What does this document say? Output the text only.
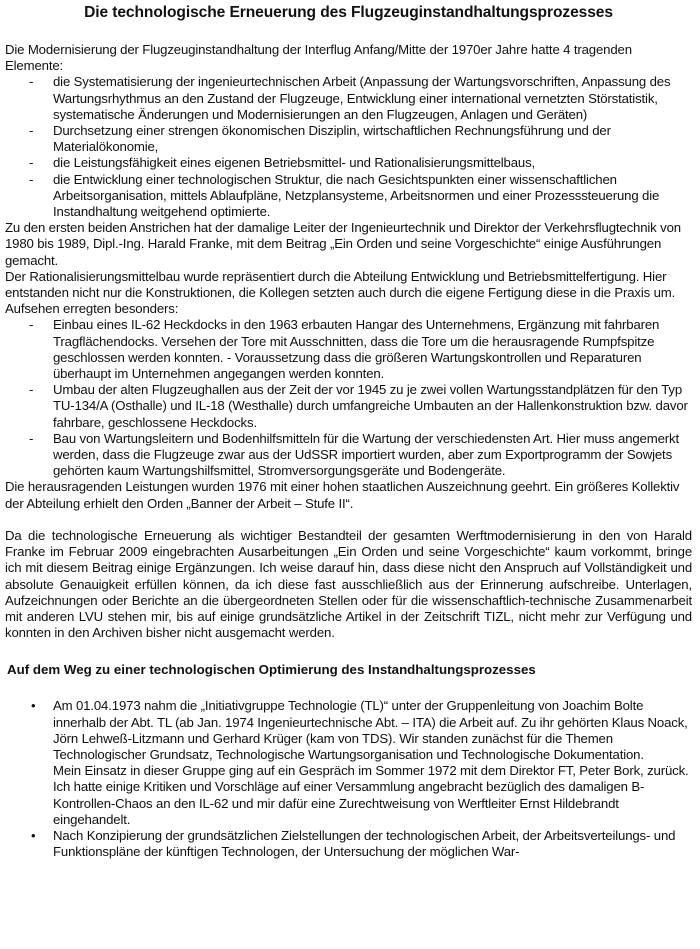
Die technologische Erneuerung des Flugzeuginstandhaltungsprozesses

Die Modernisierung der Flugzeuginstandhaltung der Interflug Anfang/Mitte der 1970er Jahre hatte 4 tragenden Elemente:

- die Systematisierung der ingenieurtechnischen Arbeit (Anpassung der Wartungsvorschriften, Anpassung des Wartungsrhythmus an den Zustand der Flugzeuge, Entwicklung einer international vernetzten Störstatistik, systematische Änderungen und Modernisierungen an den Flugzeugen, Anlagen und Geräten)
- Durchsetzung einer strengen ökonomischen Disziplin, wirtschaftlichen Rechnungsführung und der Materialökonomie,
- die Leistungsfähigkeit eines eigenen Betriebsmittel- und Rationalisierungsmittelbaus,
- die Entwicklung einer technologischen Struktur, die nach Gesichtspunkten einer wissenschaftlichen Arbeitsorganisation, mittels Ablaufpläne, Netzplansysteme, Arbeitsnormen und einer Prozesssteuerung die Instandhaltung weitgehend optimierte.

Zu den ersten beiden Anstrichen hat der damalige Leiter der Ingenieurtechnik und Direktor der Verkehrsflugtechnik von 1980 bis 1989, Dipl.-Ing. Harald Franke, mit dem Beitrag „Ein Orden und seine Vorgeschichte“ einige Ausführungen gemacht.

Der Rationalisierungsmittelbau wurde repräsentiert durch die Abteilung Entwicklung und Betriebsmittelfertigung. Hier entstanden nicht nur die Konstruktionen, die Kollegen setzten auch durch die eigene Fertigung diese in die Praxis um. Aufsehen erregten besonders:

- Einbau eines IL-62 Heckdocks in den 1963 erbauten Hangar des Unternehmens, Ergänzung mit fahrbaren Tragflächendocks. Versehen der Tore mit Ausschnitten, dass die Tore um die herausragende Rumpfspitze geschlossen werden konnten. - Voraussetzung dass die größeren Wartungskontrollen und Reparaturen überhaupt im Unternehmen angegangen werden konnten.
- Umbau der alten Flugzeughallen aus der Zeit der vor 1945 zu je zwei vollen Wartungsstandplätzen für den Typ TU-134/A (Osthalle) und IL-18 (Westhalle) durch umfangreiche Umbauten an der Hallenkonstruktion bzw. davor fahrbare, geschlossene Heckdocks.
- Bau von Wartungsleitern und Bodenhilfsmitteln für die Wartung der verschiedensten Art. Hier muss angemerkt werden, dass die Flugzeuge zwar aus der UdSSR importiert wurden, aber zum Exportprogramm der Sowjets gehörten kaum Wartungshilfsmittel, Stromversorgungsgeräte und Bodengeräte.

Die herausragenden Leistungen wurden 1976 mit einer hohen staatlichen Auszeichnung geehrt. Ein größeres Kollektiv der Abteilung erhielt den Orden „Banner der Arbeit – Stufe II“.

Da die technologische Erneuerung als wichtiger Bestandteil der gesamten Werftmodernisierung in den von Harald Franke im Februar 2009 eingebrachten Ausarbeitungen „Ein Orden und seine Vorgeschichte“ kaum vorkommt, bringe ich mit diesem Beitrag einige Ergänzungen. Ich weise darauf hin, dass diese nicht den Anspruch auf Vollständigkeit und absolute Genauigkeit erfüllen können, da ich diese fast ausschließlich aus der Erinnerung aufschreibe. Unterlagen, Aufzeichnungen oder Berichte an die übergeordneten Stellen oder für die wissenschaftlich-technische Zusammenarbeit mit anderen LVU stehen mir, bis auf einige grundsätzliche Artikel in der Zeitschrift TIZL, nicht mehr zur Verfügung und konnten in den Archiven bisher nicht ausgemacht werden.

Auf dem Weg zu einer technologischen Optimierung des Instandhaltungsprozesses
• Am 01.04.1973 nahm die „Initiativgruppe Technologie (TL)“ unter der Gruppenleitung von Joachim Bolte innerhalb der Abt. TL (ab Jan. 1974 Ingenieurtechnische Abt. – ITA) die Arbeit auf. Zu ihr gehörten Klaus Noack, Jörn Lehweß-Litzmann und Gerhard Krüger (kam von TDS). Wir standen zunächst für die Themen Technologischer Grundsatz, Technologische Wartungsorganisation und Technologische Dokumentation.
Mein Einsatz in dieser Gruppe ging auf ein Gespräch im Sommer 1972 mit dem Direktor FT, Peter Bork, zurück. Ich hatte einige Kritiken und Vorschläge auf einer Versammlung angebracht bezüglich des damaligen B-Kontrollen-Chaos an den IL-62 und mir dafür eine Zurechtweisung von Werftleiter Ernst Hildebrandt eingehandelt.
• Nach Konzipierung der grundsätzlichen Zielstellungen der technologischen Arbeit, der Arbeitsverteilungs- und Funktionspläne der künftigen Technologen, der Untersuchung der möglichen War-
